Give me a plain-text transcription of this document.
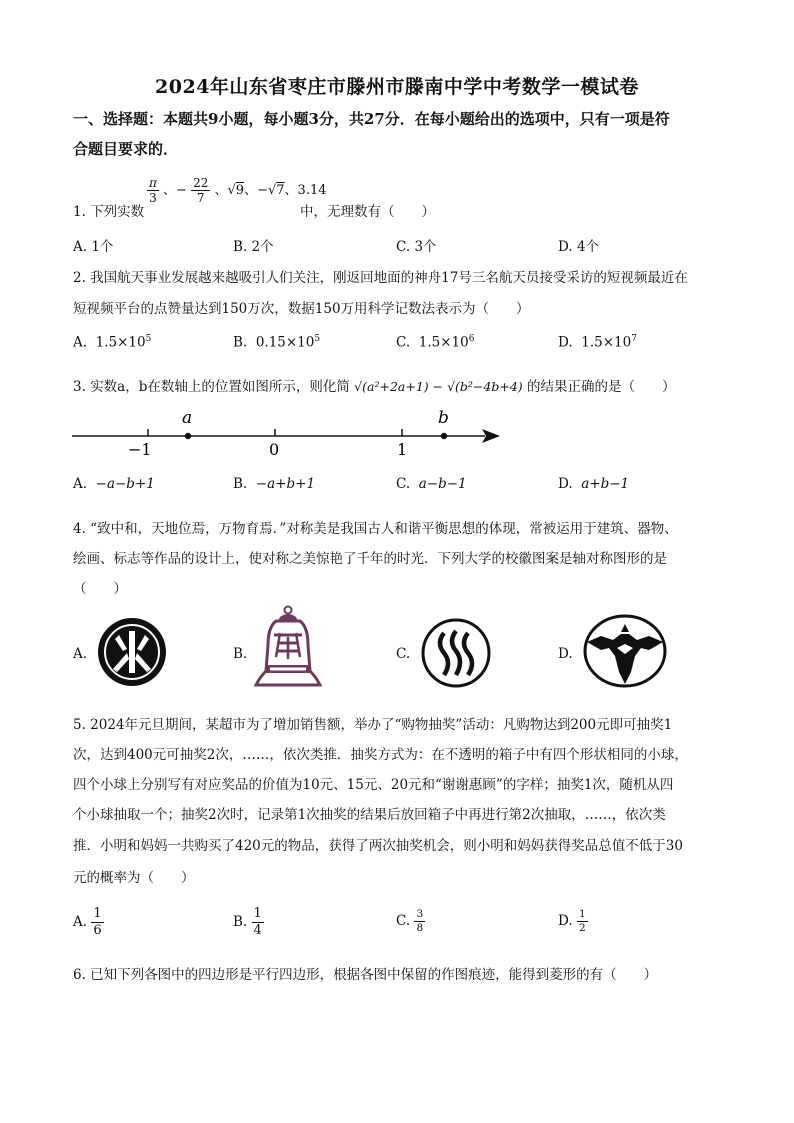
2024年山东省枣庄市滕州市滕南中学中考数学一模试卷
一、选择题：本题共9小题，每小题3分，共27分．在每小题给出的选项中，只有一项是符
合题目要求的．
1. 下列实数
$\frac{\pi}{3}$ 、− $\frac{22}{7}$ 、√9、−√7、3.14
中，无理数有（　　）
A. 1个	B. 2个	C. 3个	D. 4个
2. 我国航天事业发展越来越吸引人们关注，刚返回地面的神舟17号三名航天员接受采访的短视频最近在
短视频平台的点赞量达到150万次，数据150万用科学记数法表示为（　　）
A. $1.5\times 10^5$	B. $0.15\times 10^5$	C. $1.5\times 10^6$	D. $1.5\times 10^7$
3. 实数a，b在数轴上的位置如图所示，则化简 √(a²+2a+1) − √(b²−4b+4) 的结果正确的是（　　）
−1	0	1
a	b
A. −a−b+1	B. −a+b+1	C. a−b−1	D. a+b−1
4. “致中和，天地位焉，万物育焉．”对称美是我国古人和谐平衡思想的体现，常被运用于建筑、器物、
绘画、标志等作品的设计上，使对称之美惊艳了千年的时光．下列大学的校徽图案是轴对称图形的是
（　　）
A.	B.	C.	D.
5. 2024年元旦期间，某超市为了增加销售额，举办了“购物抽奖”活动：凡购物达到200元即可抽奖1
次，达到400元可抽奖2次，……，依次类推．抽奖方式为：在不透明的箱子中有四个形状相同的小球，
四个小球上分别写有对应奖品的价值为10元、15元、20元和“谢谢惠顾”的字样；抽奖1次，随机从四
个小球抽取一个；抽奖2次时，记录第1次抽奖的结果后放回箱子中再进行第2次抽取，……，依次类
推．小明和妈妈一共购买了420元的物品，获得了两次抽奖机会，则小明和妈妈获得奖品总值不低于30
元的概率为（　　）
A. $\frac{1}{6}$	B. $\frac{1}{4}$	C. $\frac{3}{8}$	D. $\frac{1}{2}$
6. 已知下列各图中的四边形是平行四边形，根据各图中保留的作图痕迹，能得到菱形的有（　　）
